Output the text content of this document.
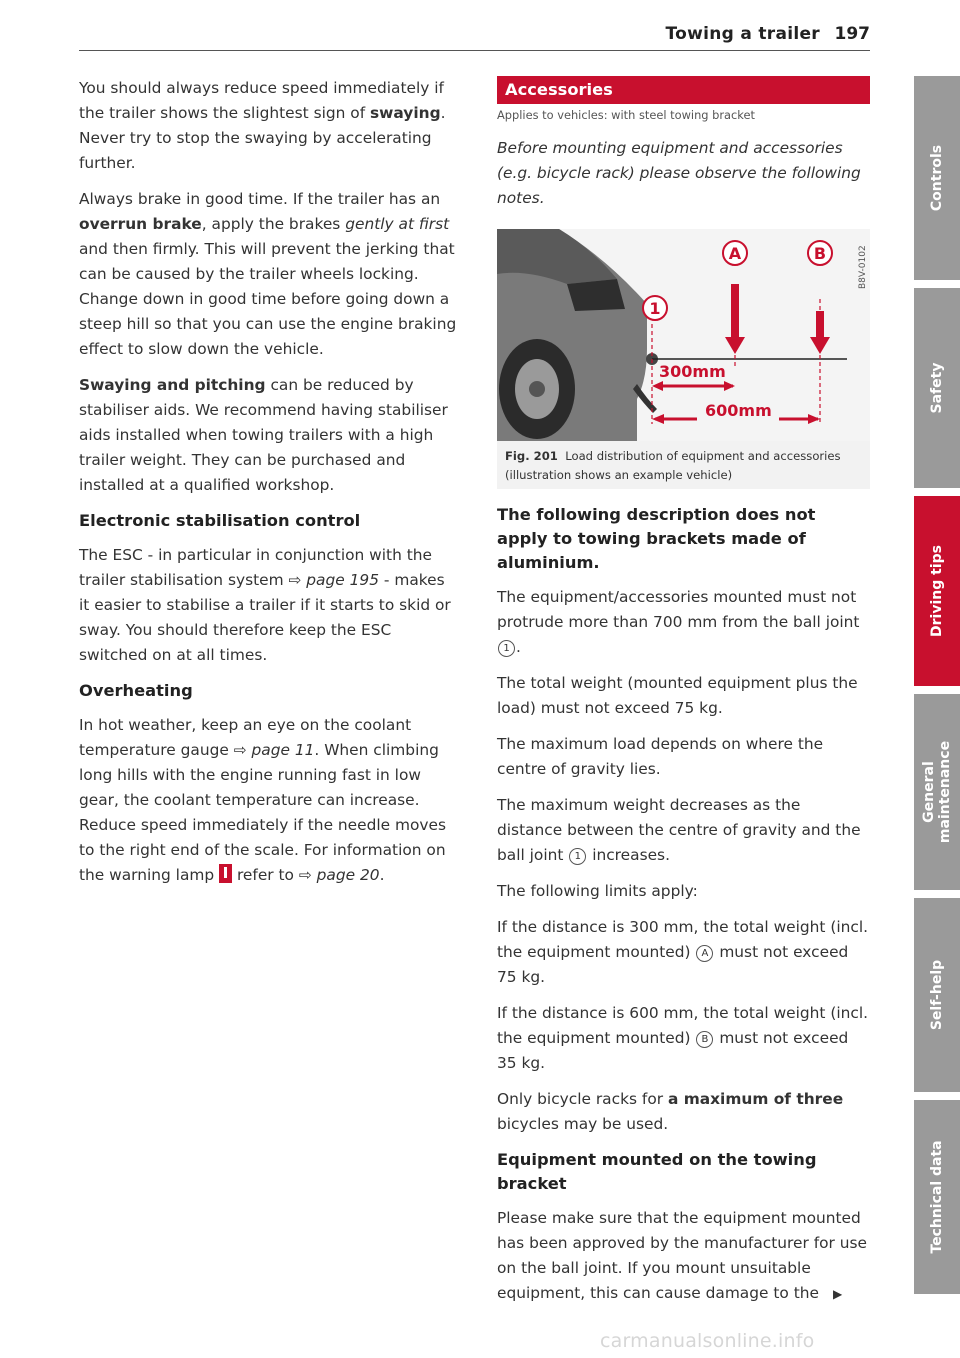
Towing a trailer 197

You should always reduce speed immediately if the trailer shows the slightest sign of swaying. Never try to stop the swaying by accelerating further.

Always brake in good time. If the trailer has an overrun brake, apply the brakes gently at first and then firmly. This will prevent the jerking that can be caused by the trailer wheels locking. Change down in good time before going down a steep hill so that you can use the engine braking effect to slow down the vehicle.

Swaying and pitching can be reduced by stabiliser aids. We recommend having stabiliser aids installed when towing trailers with a high trailer weight. They can be purchased and installed at a qualified workshop.

Electronic stabilisation control

The ESC - in particular in conjunction with the trailer stabilisation system ⇨ page 195 - makes it easier to stabilise a trailer if it starts to skid or sway. You should therefore keep the ESC switched on at all times.

Overheating

In hot weather, keep an eye on the coolant temperature gauge ⇨ page 11. When climbing long hills with the engine running fast in low gear, the coolant temperature can increase. Reduce speed immediately if the needle moves to the right end of the scale. For information on the warning lamp  refer to ⇨ page 20.

Accessories

Applies to vehicles: with steel towing bracket

Before mounting equipment and accessories (e.g. bicycle rack) please observe the following notes.

A	B
1
300mm
600mm
B8V-0102
Fig. 201 Load distribution of equipment and accessories (illustration shows an example vehicle)
The following description does not apply to towing brackets made of aluminium.

The equipment/accessories mounted must not protrude more than 700 mm from the ball joint 1 .

The total weight (mounted equipment plus the load) must not exceed 75 kg.

The maximum load depends on where the centre of gravity lies.

The maximum weight decreases as the distance between the centre of gravity and the ball joint 1 increases.

The following limits apply:

If the distance is 300 mm, the total weight (incl. the equipment mounted) A must not exceed 75 kg.

If the distance is 600 mm, the total weight (incl. the equipment mounted) B must not exceed 35 kg.

Only bicycle racks for a maximum of three bicycles may be used.

Equipment mounted on the towing bracket

Please make sure that the equipment mounted has been approved by the manufacturer for use on the ball joint. If you mount unsuitable equipment, this can cause damage to the ▶

Controls
Safety
Driving tips
General maintenance
Self-help
Technical data
carmanualsonline.info
